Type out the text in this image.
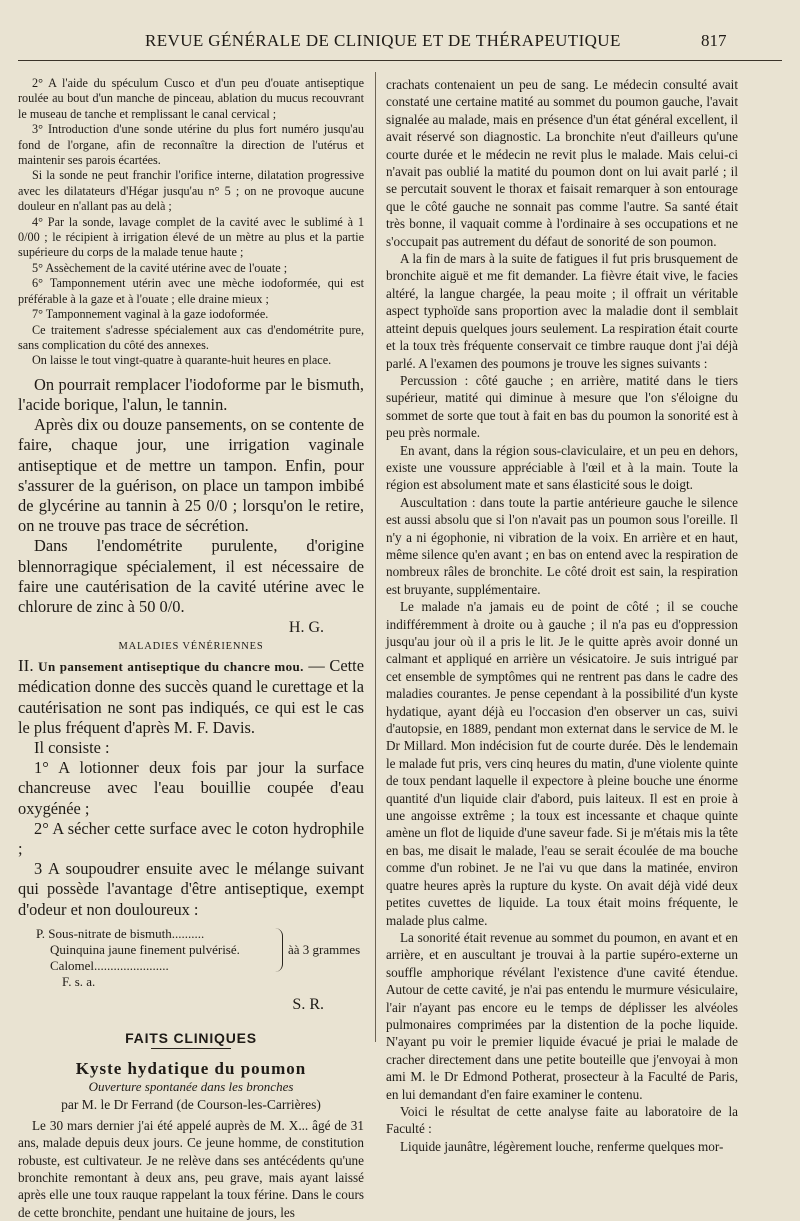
REVUE GÉNÉRALE DE CLINIQUE ET DE THÉRAPEUTIQUE	817

2° A l'aide du spéculum Cusco et d'un peu d'ouate antiseptique roulée au bout d'un manche de pinceau, ablation du mucus recouvrant le museau de tanche et remplissant le canal cervical ;

3° Introduction d'une sonde utérine du plus fort numéro jusqu'au fond de l'organe, afin de reconnaître la direction de l'utérus et maintenir ses parois écartées.

Si la sonde ne peut franchir l'orifice interne, dilatation progressive avec les dilatateurs d'Hégar jusqu'au n° 5 ; on ne provoque aucune douleur en n'allant pas au delà ;

4° Par la sonde, lavage complet de la cavité avec le sublimé à 1 0/00 ; le récipient à irrigation élevé de un mètre au plus et la partie supérieure du corps de la malade tenue haute ;

5° Assèchement de la cavité utérine avec de l'ouate ;

6° Tamponnement utérin avec une mèche iodoformée, qui est préférable à la gaze et à l'ouate ; elle draine mieux ;

7° Tamponnement vaginal à la gaze iodoformée.

Ce traitement s'adresse spécialement aux cas d'endométrite pure, sans complication du côté des annexes.

On laisse le tout vingt-quatre à quarante-huit heures en place.

On pourrait remplacer l'iodoforme par le bismuth, l'acide borique, l'alun, le tannin.

Après dix ou douze pansements, on se contente de faire, chaque jour, une irrigation vaginale antiseptique et de mettre un tampon. Enfin, pour s'assurer de la guérison, on place un tampon imbibé de glycérine au tannin à 25 0/0 ; lorsqu'on le retire, on ne trouve pas trace de sécrétion.

Dans l'endométrite purulente, d'origine blennorragique spécialement, il est nécessaire de faire une cautérisation de la cavité utérine avec le chlorure de zinc à 50 0/0.

H. G.
MALADIES VÉNÉRIENNES

II. Un pansement antiseptique du chancre mou. — Cette médication donne des succès quand le curettage et la cautérisation ne sont pas indiqués, ce qui est le cas le plus fréquent d'après M. F. Davis.

Il consiste :

1° A lotionner deux fois par jour la surface chancreuse avec l'eau bouillie coupée d'eau oxygénée ;

2° A sécher cette surface avec le coton hydrophile ;

3 A soupoudrer ensuite avec le mélange suivant qui possède l'avantage d'être antiseptique, exempt d'odeur et non douloureux :

P. Sous-nitrate de bismuth..........
Quinquina jaune finement pulvérisé.
Calomel.......................
àà 3 grammes
F. s. a.
S. R.
FAITS CLINIQUES
Kyste hydatique du poumon
Ouverture spontanée dans les bronches
par M. le Dr Ferrand (de Courson-les-Carrières)

Le 30 mars dernier j'ai été appelé auprès de M. X... âgé de 31 ans, malade depuis deux jours. Ce jeune homme, de constitution robuste, est cultivateur. Je ne relève dans ses antécédents qu'une bronchite remontant à deux ans, peu grave, mais ayant laissé après elle une toux rauque rappelant la toux férine. Dans le cours de cette bronchite, pendant une huitaine de jours, les

crachats contenaient un peu de sang. Le médecin consulté avait constaté une certaine matité au sommet du poumon gauche, l'avait signalée au malade, mais en présence d'un état général excellent, il avait réservé son diagnostic. La bronchite n'eut d'ailleurs qu'une courte durée et le médecin ne revit plus le malade. Mais celui-ci n'avait pas oublié la matité du poumon dont on lui avait parlé ; il se percutait souvent le thorax et faisait remarquer à son entourage que le côté gauche ne sonnait pas comme l'autre. Sa santé était très bonne, il vaquait comme à l'ordinaire à ses occupations et ne s'occupait pas autrement du défaut de sonorité de son poumon.

A la fin de mars à la suite de fatigues il fut pris brusquement de bronchite aiguë et me fit demander. La fièvre était vive, le facies altéré, la langue chargée, la peau moite ; il offrait un véritable aspect typhoïde sans proportion avec la maladie dont il semblait atteint depuis quelques jours seulement. La respiration était courte et la toux très fréquente conservait ce timbre rauque dont j'ai déjà parlé. A l'examen des poumons je trouve les signes suivants :

Percussion : côté gauche ; en arrière, matité dans le tiers supérieur, matité qui diminue à mesure que l'on s'éloigne du sommet de sorte que tout à fait en bas du poumon la sonorité est à peu près normale.

En avant, dans la région sous-claviculaire, et un peu en dehors, existe une voussure appréciable à l'œil et à la main. Toute la région est absolument mate et sans élasticité sous le doigt.

Auscultation : dans toute la partie antérieure gauche le silence est aussi absolu que si l'on n'avait pas un poumon sous l'oreille. Il n'y a ni égophonie, ni vibration de la voix. En arrière et en haut, même silence qu'en avant ; en bas on entend avec la respiration de nombreux râles de bronchite. Le côté droit est sain, la respiration est bruyante, supplémentaire.

Le malade n'a jamais eu de point de côté ; il se couche indifféremment à droite ou à gauche ; il n'a pas eu d'oppression jusqu'au jour où il a pris le lit. Je le quitte après avoir donné un calmant et appliqué en arrière un vésicatoire. Je suis intrigué par cet ensemble de symptômes qui ne rentrent pas dans le cadre des maladies courantes. Je pense cependant à la possibilité d'un kyste hydatique, ayant déjà eu l'occasion d'en observer un cas, suivi d'autopsie, en 1889, pendant mon externat dans le service de M. le Dr Millard. Mon indécision fut de courte durée. Dès le lendemain le malade fut pris, vers cinq heures du matin, d'une violente quinte de toux pendant laquelle il expectore à pleine bouche une énorme quantité d'un liquide clair d'abord, puis laiteux. Il est en proie à une angoisse extrême ; la toux est incessante et chaque quinte amène un flot de liquide d'une saveur fade. Si je m'étais mis la tête en bas, me disait le malade, l'eau se serait écoulée de ma bouche comme d'un robinet. Je ne l'ai vu que dans la matinée, environ quatre heures après la rupture du kyste. On avait déjà vidé deux petites cuvettes de liquide. La toux était moins fréquente, le malade plus calme.

La sonorité était revenue au sommet du poumon, en avant et en arrière, et en auscultant je trouvai à la partie supéro-externe un souffle amphorique révélant l'existence d'une cavité étendue. Autour de cette cavité, je n'ai pas entendu le murmure vésiculaire, l'air n'ayant pas encore eu le temps de déplisser les alvéoles pulmonaires comprimées par la distention de la poche liquide. N'ayant pu voir le premier liquide évacué je priai le malade de cracher directement dans une petite bouteille que j'envoyai à mon ami M. le Dr Edmond Potherat, prosecteur à la Faculté de Paris, en lui demandant d'en faire examiner le contenu.

Voici le résultat de cette analyse faite au laboratoire de la Faculté :

Liquide jaunâtre, légèrement louche, renferme quelques mor-
